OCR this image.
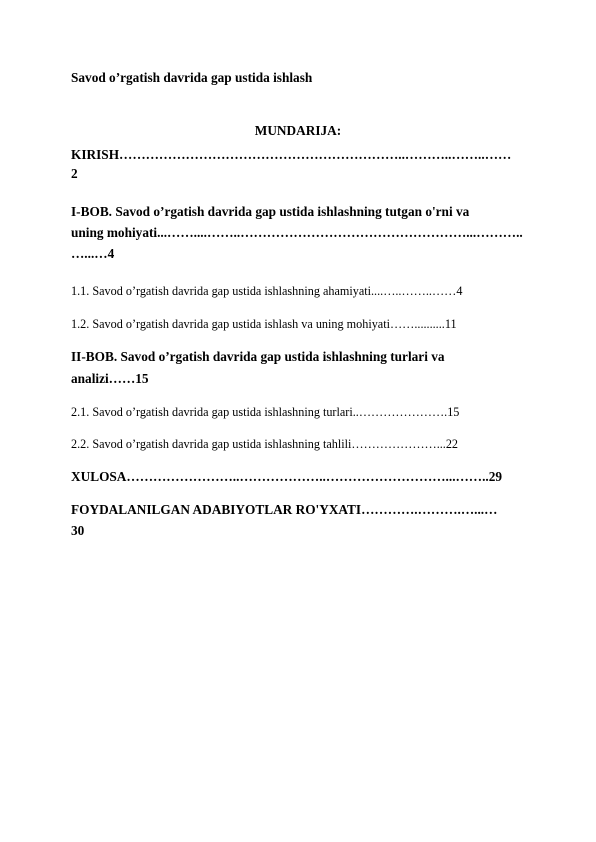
Savod o’rgatish davrida gap ustida ishlash
MUNDARIJA:
KIRISH………………………………………………………..………..……..……
2
I-BOB. Savod o’rgatish davrida gap ustida ishlashning tutgan o'rni va
uning mohiyati...……....……..……………………………………………...………..
…...…4
1.1. Savod o’rgatish davrida gap ustida ishlashning ahamiyati....…..……..……4
1.2. Savod o’rgatish davrida gap ustida ishlash va uning mohiyati……..........11
II-BOB. Savod o’rgatish davrida gap ustida ishlashning turlari va
analizi……15
2.1. Savod o’rgatish davrida gap ustida ishlashning turlari..………………….15
2.2. Savod o’rgatish davrida gap ustida ishlashning tahlili…………………...22
XULOSA……………………..………………..………………………...……..29
FOYDALANILGAN ADABIYOTLAR RO'YXATI………….……….…...…
30
